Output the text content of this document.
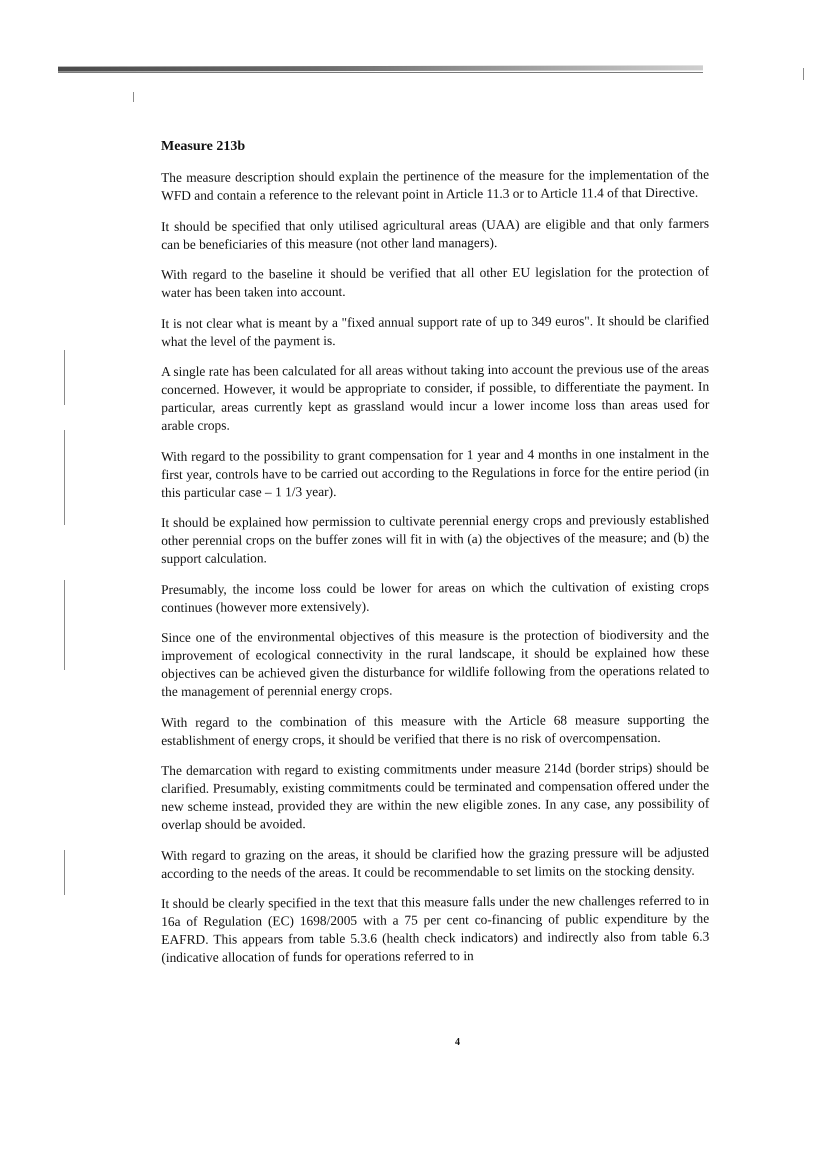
Measure 213b

The measure description should explain the pertinence of the measure for the implementation of the WFD and contain a reference to the relevant point in Article 11.3 or to Article 11.4 of that Directive.

It should be specified that only utilised agricultural areas (UAA) are eligible and that only farmers can be beneficiaries of this measure (not other land managers).

With regard to the baseline it should be verified that all other EU legislation for the protection of water has been taken into account.

It is not clear what is meant by a "fixed annual support rate of up to 349 euros". It should be clarified what the level of the payment is.

A single rate has been calculated for all areas without taking into account the previous use of the areas concerned. However, it would be appropriate to consider, if possible, to differentiate the payment. In particular, areas currently kept as grassland would incur a lower income loss than areas used for arable crops.

With regard to the possibility to grant compensation for 1 year and 4 months in one instalment in the first year, controls have to be carried out according to the Regulations in force for the entire period (in this particular case – 1 1/3 year).

It should be explained how permission to cultivate perennial energy crops and previously established other perennial crops on the buffer zones will fit in with (a) the objectives of the measure; and (b) the support calculation.

Presumably, the income loss could be lower for areas on which the cultivation of existing crops continues (however more extensively).

Since one of the environmental objectives of this measure is the protection of biodiversity and the improvement of ecological connectivity in the rural landscape, it should be explained how these objectives can be achieved given the disturbance for wildlife following from the operations related to the management of perennial energy crops.

With regard to the combination of this measure with the Article 68 measure supporting the establishment of energy crops, it should be verified that there is no risk of overcompensation.

The demarcation with regard to existing commitments under measure 214d (border strips) should be clarified. Presumably, existing commitments could be terminated and compensation offered under the new scheme instead, provided they are within the new eligible zones. In any case, any possibility of overlap should be avoided.

With regard to grazing on the areas, it should be clarified how the grazing pressure will be adjusted according to the needs of the areas. It could be recommendable to set limits on the stocking density.

It should be clearly specified in the text that this measure falls under the new challenges referred to in 16a of Regulation (EC) 1698/2005 with a 75 per cent co-financing of public expenditure by the EAFRD. This appears from table 5.3.6 (health check indicators) and indirectly also from table 6.3 (indicative allocation of funds for operations referred to in

4
